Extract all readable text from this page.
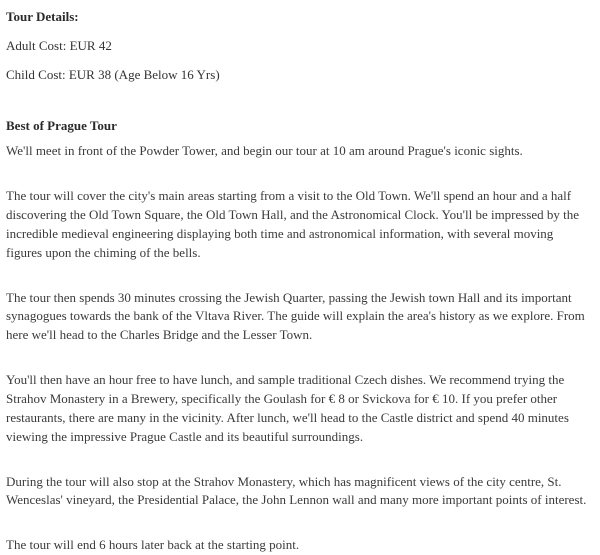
Tour Details:
Adult Cost: EUR 42
Child Cost: EUR 38 (Age Below 16 Yrs)
Best of Prague Tour
We'll meet in front of the Powder Tower, and begin our tour at 10 am around Prague's iconic sights.
The tour will cover the city's main areas starting from a visit to the Old Town. We'll spend an hour and a half discovering the Old Town Square, the Old Town Hall, and the Astronomical Clock. You'll be impressed by the incredible medieval engineering displaying both time and astronomical information, with several moving figures upon the chiming of the bells.
The tour then spends 30 minutes crossing the Jewish Quarter, passing the Jewish town Hall and its important synagogues towards the bank of the Vltava River. The guide will explain the area's history as we explore. From here we'll head to the Charles Bridge and the Lesser Town.
You'll then have an hour free to have lunch, and sample traditional Czech dishes. We recommend trying the Strahov Monastery in a Brewery, specifically the Goulash for € 8 or Svickova for € 10. If you prefer other restaurants, there are many in the vicinity. After lunch, we'll head to the Castle district and spend 40 minutes viewing the impressive Prague Castle and its beautiful surroundings.
During the tour will also stop at the Strahov Monastery, which has magnificent views of the city centre, St. Wenceslas' vineyard, the Presidential Palace, the John Lennon wall and many more important points of interest.
The tour will end 6 hours later back at the starting point.
